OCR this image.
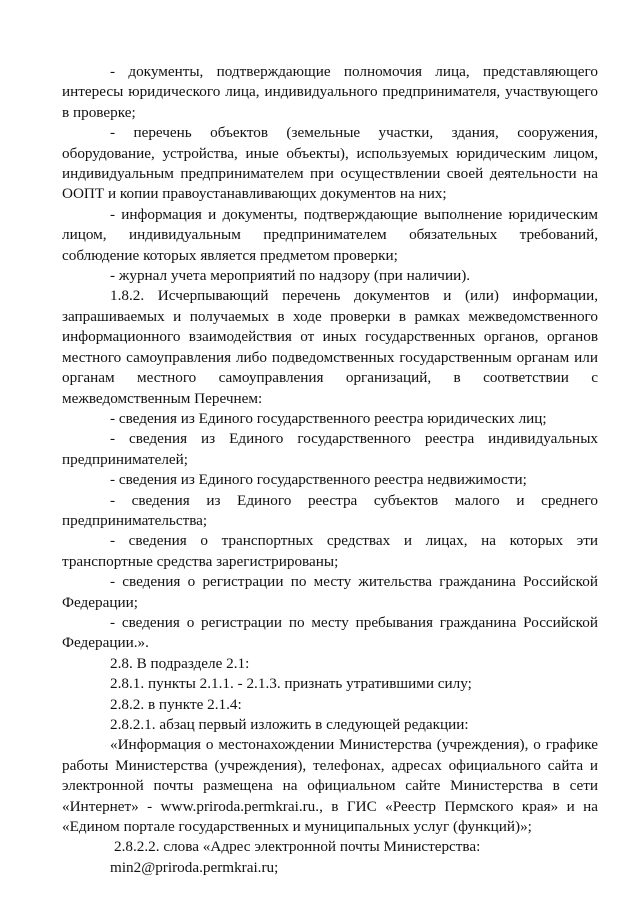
- документы, подтверждающие полномочия лица, представляющего интересы юридического лица, индивидуального предпринимателя, участвующего в проверке;

- перечень объектов (земельные участки, здания, сооружения, оборудование, устройства, иные объекты), используемых юридическим лицом, индивидуальным предпринимателем при осуществлении своей деятельности на ООПТ и копии правоустанавливающих документов на них;

- информация и документы, подтверждающие выполнение юридическим лицом, индивидуальным предпринимателем обязательных требований, соблюдение которых является предметом проверки;

- журнал учета мероприятий по надзору (при наличии).

1.8.2. Исчерпывающий перечень документов и (или) информации, запрашиваемых и получаемых в ходе проверки в рамках межведомственного информационного взаимодействия от иных государственных органов, органов местного самоуправления либо подведомственных государственным органам или органам местного самоуправления организаций, в соответствии с межведомственным Перечнем:

- сведения из Единого государственного реестра юридических лиц;

- сведения из Единого государственного реестра индивидуальных предпринимателей;

- сведения из Единого государственного реестра недвижимости;

- сведения из Единого реестра субъектов малого и среднего предпринимательства;

- сведения о транспортных средствах и лицах, на которых эти транспортные средства зарегистрированы;

- сведения о регистрации по месту жительства гражданина Российской Федерации;

- сведения о регистрации по месту пребывания гражданина Российской Федерации.».

2.8. В подразделе 2.1:

2.8.1. пункты 2.1.1. - 2.1.3. признать утратившими силу;

2.8.2. в пункте 2.1.4:

2.8.2.1. абзац первый изложить в следующей редакции:

«Информация о местонахождении Министерства (учреждения), о графике работы Министерства (учреждения), телефонах, адресах официального сайта и электронной почты размещена на официальном сайте Министерства в сети «Интернет» - www.priroda.permkrai.ru., в ГИС «Реестр Пермского края» и на «Едином портале государственных и муниципальных услуг (функций)»;

2.8.2.2. слова «Адрес электронной почты Министерства:

min2@priroda.permkrai.ru;
